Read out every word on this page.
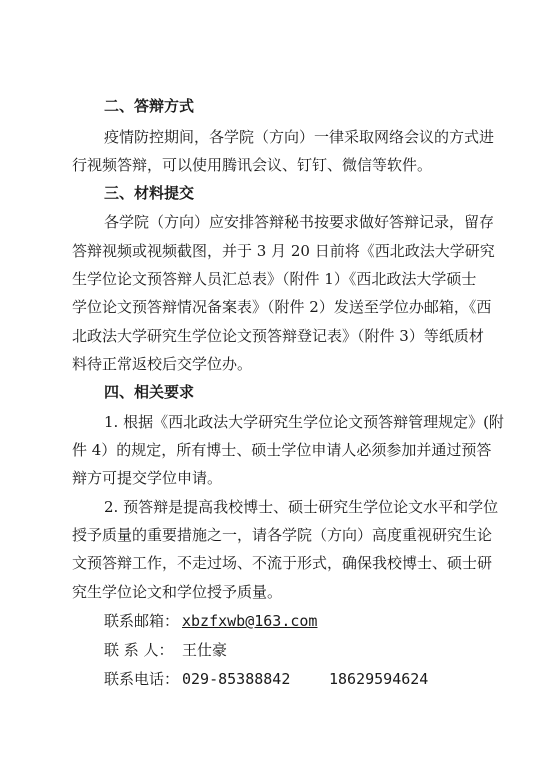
二、答辩方式
疫情防控期间，各学院（方向）一律采取网络会议的方式进
行视频答辩，可以使用腾讯会议、钉钉、微信等软件。
三、材料提交
各学院（方向）应安排答辩秘书按要求做好答辩记录，留存
答辩视频或视频截图，并于 3 月 20 日前将《西北政法大学研究
生学位论文预答辩人员汇总表》（附件 1）《西北政法大学硕士
学位论文预答辩情况备案表》（附件 2）发送至学位办邮箱，《西
北政法大学研究生学位论文预答辩登记表》（附件 3）等纸质材
料待正常返校后交学位办。
四、相关要求
1. 根据《西北政法大学研究生学位论文预答辩管理规定》(附
件 4）的规定，所有博士、硕士学位申请人必须参加并通过预答
辩方可提交学位申请。
2. 预答辩是提高我校博士、硕士研究生学位论文水平和学位
授予质量的重要措施之一，请各学院（方向）高度重视研究生论
文预答辩工作，不走过场、不流于形式，确保我校博士、硕士研
究生学位论文和学位授予质量。
联系邮箱： xbzfxwb@163.com
联 系 人： 王仕豪
联系电话： 029-85388842	18629594624
